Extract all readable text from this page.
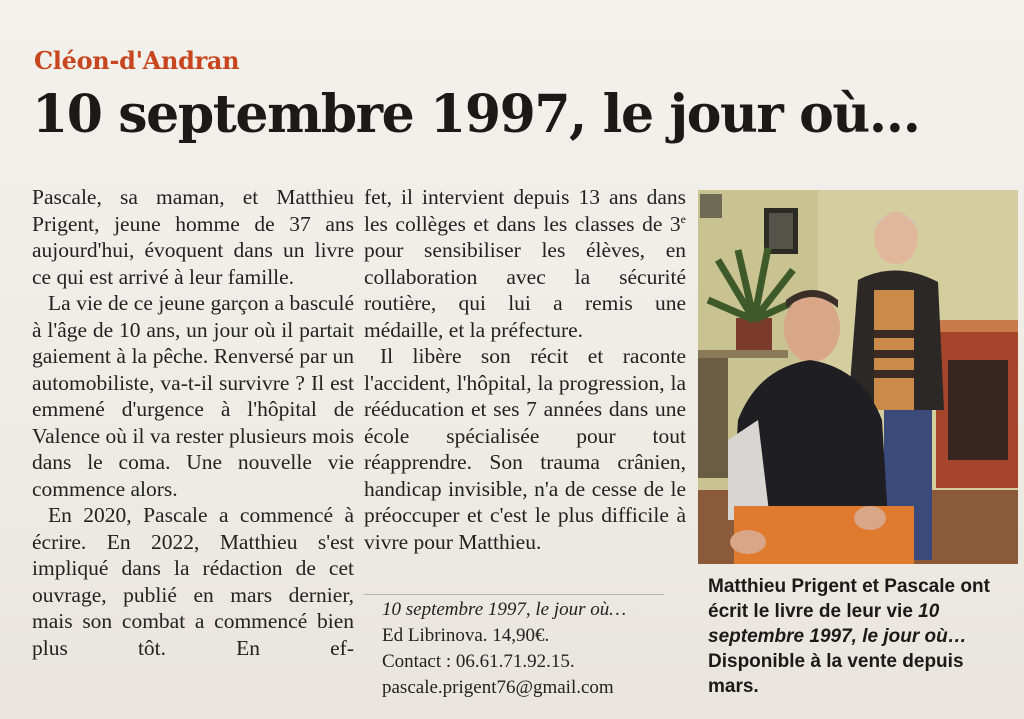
Cléon-d'Andran
10 septembre 1997, le jour où…

Pascale, sa maman, et Matthieu Prigent, jeune homme de 37 ans aujourd'hui, évoquent dans un livre ce qui est arrivé à leur famille.

La vie de ce jeune garçon a basculé à l'âge de 10 ans, un jour où il partait gaiement à la pêche. Renversé par un automobiliste, va-t-il survivre ? Il est emmené d'urgence à l'hôpital de Valence où il va rester plusieurs mois dans le coma. Une nouvelle vie commence alors.

En 2020, Pascale a commencé à écrire. En 2022, Matthieu s'est impliqué dans la rédaction de cet ouvrage, publié en mars dernier, mais son combat a commencé bien plus tôt. En ef-

fet, il intervient depuis 13 ans dans les collèges et dans les classes de 3e pour sensibiliser les élèves, en collaboration avec la sécurité routière, qui lui a remis une médaille, et la préfecture.

Il libère son récit et raconte l'accident, l'hôpital, la progression, la rééducation et ses 7 années dans une école spécialisée pour tout réapprendre. Son trauma crânien, handicap invisible, n'a de cesse de le préoccuper et c'est le plus difficile à vivre pour Matthieu.

10 septembre 1997, le jour où…
Ed Librinova. 14,90€.
Contact : 06.61.71.92.15.
pascale.prigent76@gmail.com
Matthieu Prigent et Pascale ont écrit le livre de leur vie 10 septembre 1997, le jour où… Disponible à la vente depuis mars.
